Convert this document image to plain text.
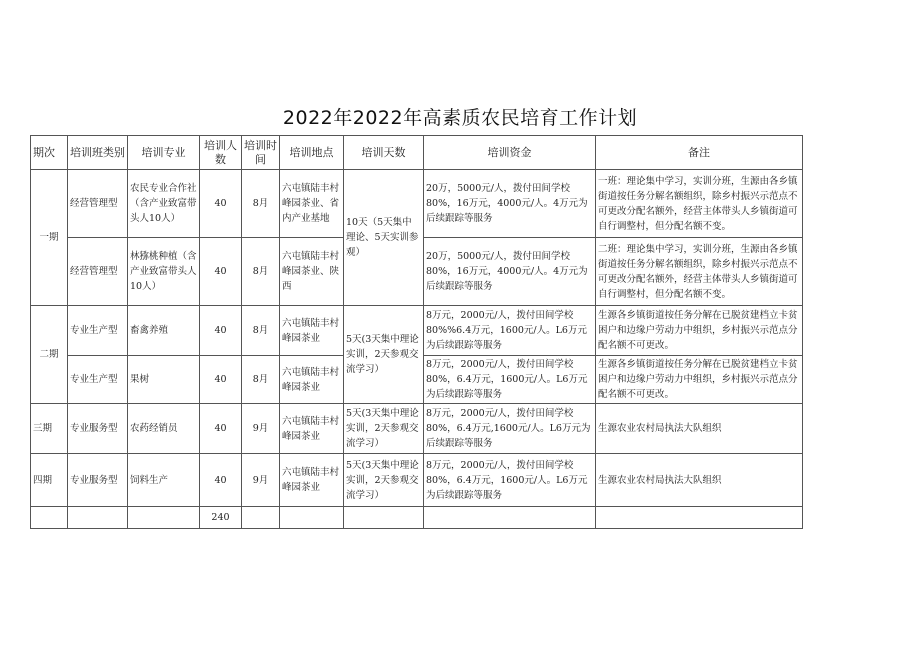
2022年2022年高素质农民培育工作计划
期次	培训班类别	培训专业	培训人数	培训时间	培训地点	培训天数	培训资金	备注
一期	经营管理型	农民专业合作社（含产业致富带头人10人）	40	8月	六屯镇陆丰村峰园茶业、省内产业基地	10天（5天集中理论、5天实训参观）	20万，5000元/人，拨付田间学校80%，16万元，4000元/人。4万元为后续跟踪等服务	一班：理论集中学习，实训分班，生源由各乡镇街道按任务分解名额组织，除乡村振兴示范点不可更改分配名额外，经营主体带头人乡镇街道可自行调整村，但分配名额不变。
	经营管理型	林猕桃种植（含产业致富带头人10人）	40	8月	六屯镇陆丰村峰园茶业、陕西		20万，5000元/人，拨付田间学校80%，16万元，4000元/人。4万元为后续跟踪等服务	二班：理论集中学习，实训分班，生源由各乡镇街道按任务分解名额组织，除乡村振兴示范点不可更改分配名额外，经营主体带头人乡镇街道可自行调整村，但分配名额不变。
二期	专业生产型	畜禽养殖	40	8月	六屯镇陆丰村峰园茶业	5天(3天集中理论实训，2天参观交流学习）	8万元，2000元/人，拨付田间学校80%%6.4万元，1600元/人。L6万元为后续跟踪等服务	生源各乡镇街道按任务分解在已脱贫建档立卡贫困户和边缘户劳动力中组织，乡村振兴示范点分配名额不可更改。
	专业生产型	果树	40	8月	六屯镇陆丰村峰园茶业		8万元，2000元/人，拨付田间学校80%，6.4万元，1600元/人。L6万元为后续跟踪等服务	生源各乡镇街道按任务分解在已脱贫建档立卡贫困户和边缘户劳动力中组织，乡村振兴示范点分配名额不可更改。
三期	专业服务型	农药经销员	40	9月	六屯镇陆丰村峰园茶业	5天(3天集中理论实训，2天参观交流学习）	8万元，2000元/人，拨付田间学校80%，6.4万元,1600元/人。L6万元为后续跟踪等服务	生源农业农村局执法大队组织
四期	专业服务型	饲料生产	40	9月	六屯镇陆丰村峰园茶业	5天(3天集中理论实训，2天参观交流学习）	8万元，2000元/人，拨付田间学校80%，6.4万元，1600元/人。L6万元为后续跟踪等服务	生源农业农村局执法大队组织
			240					
